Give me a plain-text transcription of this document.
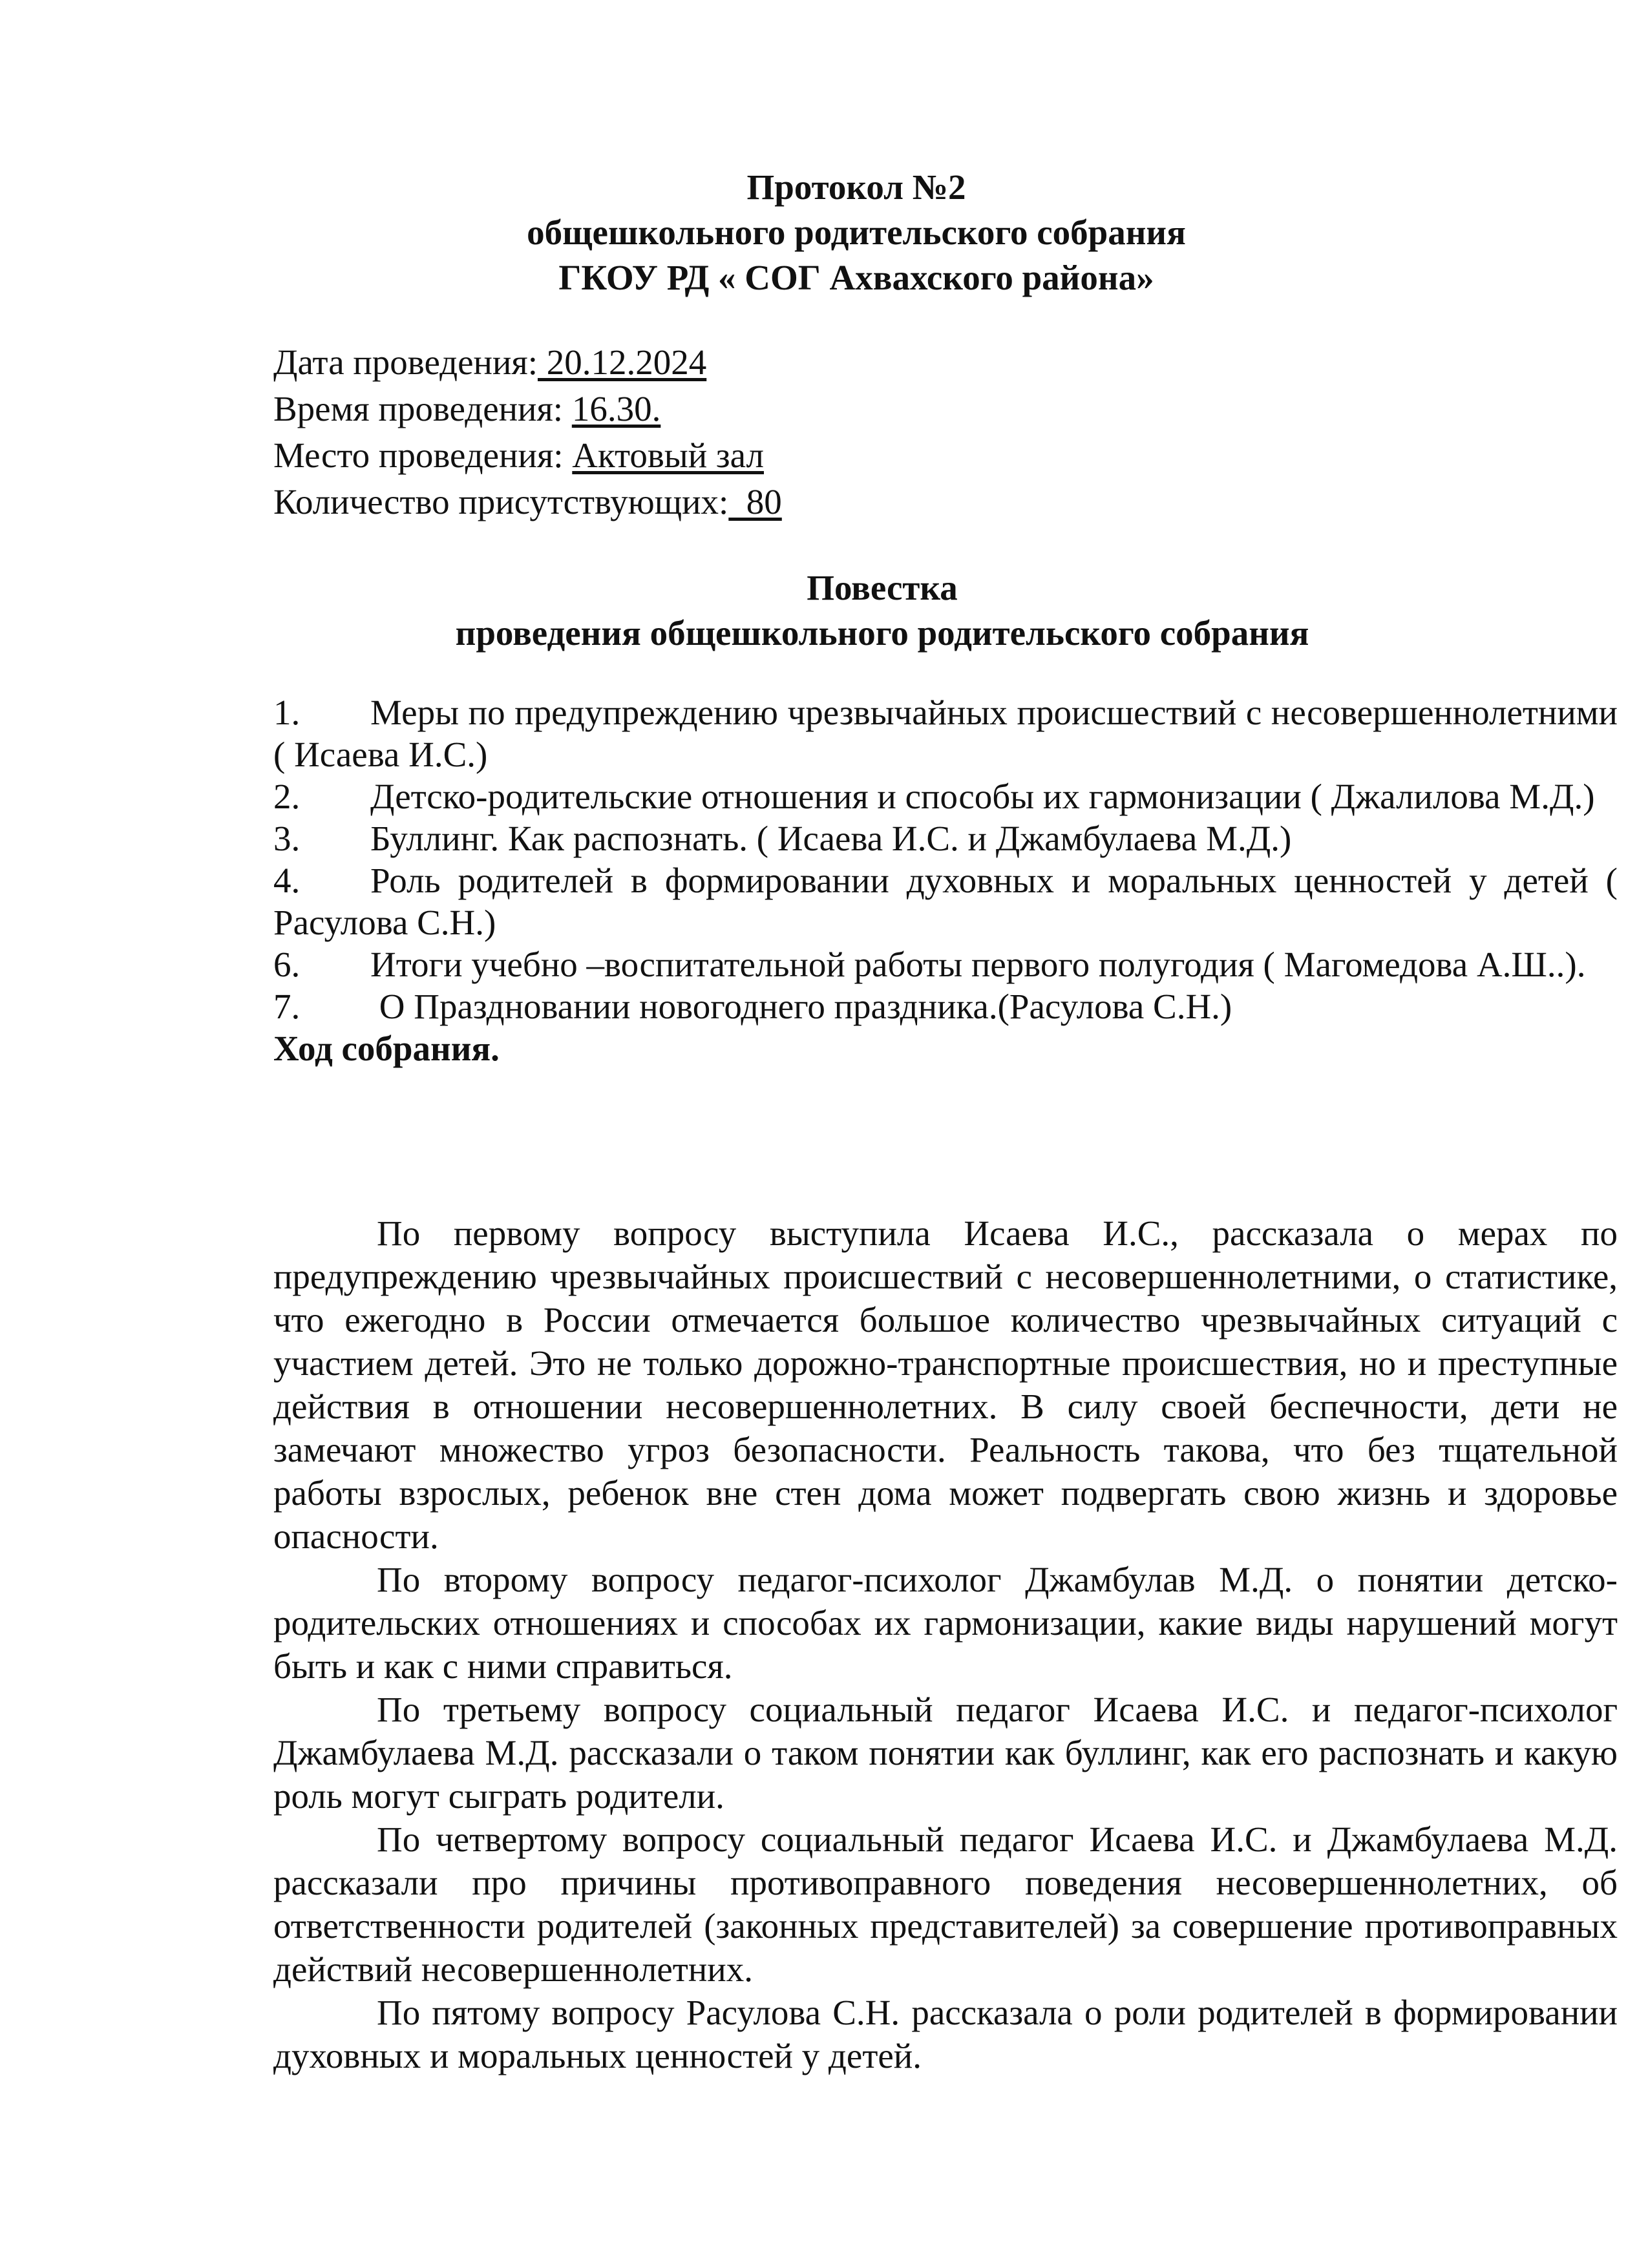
Протокол №2
общешкольного родительского собрания
ГКОУ РД « СОГ Ахвахского района»
Дата проведения: 20.12.2024
Время проведения: 16.30.
Место проведения: Актовый зал
Количество присутствующих:  80
Повестка
проведения общешкольного родительского собрания
1. Меры по предупреждению чрезвычайных происшествий с несовершеннолетними ( Исаева И.С.)
2. Детско-родительские отношения и способы их гармонизации ( Джалилова М.Д.)
3. Буллинг. Как распознать. ( Исаева И.С. и Джамбулаева М.Д.)
4. Роль родителей в формировании духовных и моральных ценностей у детей ( Расулова С.Н.)
6. Итоги учебно –воспитательной работы первого полугодия ( Магомедова А.Ш..).
7. О Праздновании новогоднего праздника.(Расулова С.Н.)
Ход собрания.

По первому вопросу выступила Исаева И.С., рассказала о мерах по предупреждению чрезвычайных происшествий с несовершеннолетними, о статистике, что ежегодно в России отмечается большое количество чрезвычайных ситуаций с участием детей. Это не только дорожно-транспортные происшествия, но и преступные действия в отношении несовершеннолетних. В силу своей беспечности, дети не замечают множество угроз безопасности. Реальность такова, что без тщательной работы взрослых, ребенок вне стен дома может подвергать свою жизнь и здоровье опасности.

По второму вопросу педагог-психолог Джамбулав М.Д. о понятии детско-родительских отношениях и способах их гармонизации, какие виды нарушений могут быть и как с ними справиться.

По третьему вопросу социальный педагог Исаева И.С. и педагог-психолог Джамбулаева М.Д. рассказали о таком понятии как буллинг, как его распознать и какую роль могут сыграть родители.

По четвертому вопросу социальный педагог Исаева И.С. и Джамбулаева М.Д. рассказали про причины противоправного поведения несовершеннолетних, об ответственности родителей (законных представителей) за совершение противоправных действий несовершеннолетних.

По пятому вопросу Расулова С.Н. рассказала о роли родителей в формировании духовных и моральных ценностей у детей.
